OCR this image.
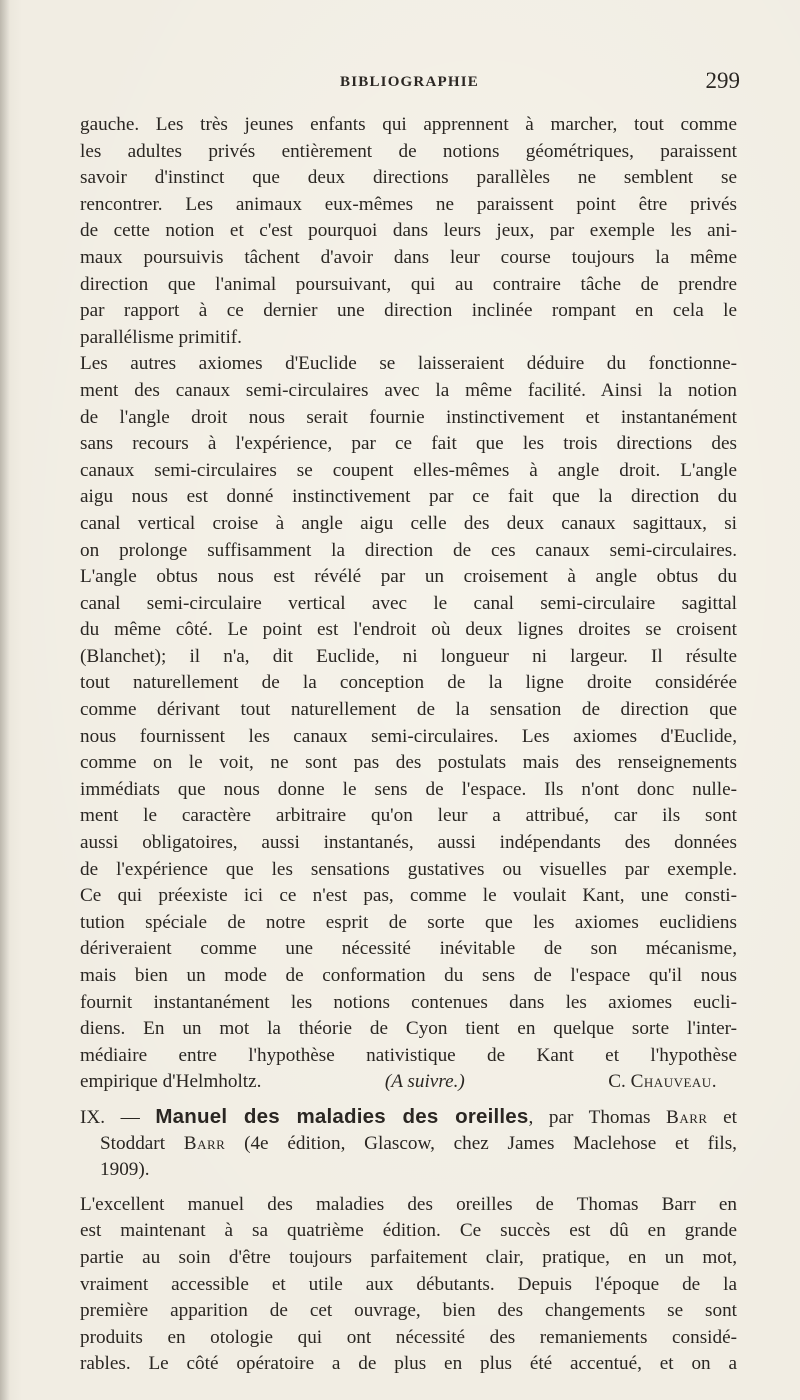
BIBLIOGRAPHIE	299
gauche. Les très jeunes enfants qui apprennent à marcher, tout comme
les adultes privés entièrement de notions géométriques, paraissent
savoir d'instinct que deux directions parallèles ne semblent se
rencontrer. Les animaux eux-mêmes ne paraissent point être privés
de cette notion et c'est pourquoi dans leurs jeux, par exemple les ani-
maux poursuivis tâchent d'avoir dans leur course toujours la même
direction que l'animal poursuivant, qui au contraire tâche de prendre
par rapport à ce dernier une direction inclinée rompant en cela le
parallélisme primitif.
Les autres axiomes d'Euclide se laisseraient déduire du fonctionne-
ment des canaux semi-circulaires avec la même facilité. Ainsi la notion
de l'angle droit nous serait fournie instinctivement et instantanément
sans recours à l'expérience, par ce fait que les trois directions des
canaux semi-circulaires se coupent elles-mêmes à angle droit. L'angle
aigu nous est donné instinctivement par ce fait que la direction du
canal vertical croise à angle aigu celle des deux canaux sagittaux, si
on prolonge suffisamment la direction de ces canaux semi-circulaires.
L'angle obtus nous est révélé par un croisement à angle obtus du
canal semi-circulaire vertical avec le canal semi-circulaire sagittal
du même côté. Le point est l'endroit où deux lignes droites se croisent
(Blanchet); il n'a, dit Euclide, ni longueur ni largeur. Il résulte
tout naturellement de la conception de la ligne droite considérée
comme dérivant tout naturellement de la sensation de direction que
nous fournissent les canaux semi-circulaires. Les axiomes d'Euclide,
comme on le voit, ne sont pas des postulats mais des renseignements
immédiats que nous donne le sens de l'espace. Ils n'ont donc nulle-
ment le caractère arbitraire qu'on leur a attribué, car ils sont
aussi obligatoires, aussi instantanés, aussi indépendants des données
de l'expérience que les sensations gustatives ou visuelles par exemple.
Ce qui préexiste ici ce n'est pas, comme le voulait Kant, une consti-
tution spéciale de notre esprit de sorte que les axiomes euclidiens
dériveraient comme une nécessité inévitable de son mécanisme,
mais bien un mode de conformation du sens de l'espace qu'il nous
fournit instantanément les notions contenues dans les axiomes eucli-
diens. En un mot la théorie de Cyon tient en quelque sorte l'inter-
médiaire entre l'hypothèse nativistique de Kant et l'hypothèse
empirique d'Helmholtz.	(A suivre.)	C. Chauveau.
IX. — Manuel des maladies des oreilles, par Thomas Barr et
Stoddart Barr (4e édition, Glascow, chez James Maclehose et fils,
1909).
L'excellent manuel des maladies des oreilles de Thomas Barr en
est maintenant à sa quatrième édition. Ce succès est dû en grande
partie au soin d'être toujours parfaitement clair, pratique, en un mot,
vraiment accessible et utile aux débutants. Depuis l'époque de la
première apparition de cet ouvrage, bien des changements se sont
produits en otologie qui ont nécessité des remaniements considé-
rables. Le côté opératoire a de plus en plus été accentué, et on a
